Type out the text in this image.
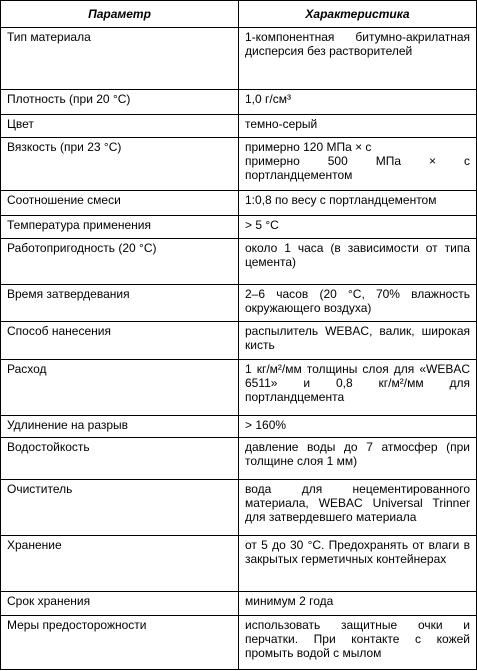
Параметр	Характеристика
Тип материала	1-компонентная битумно-акрилатная дисперсия без растворителей

Плотность (при 20 °С)	1,0 г/см³

Цвет	темно-серый

Вязкость (при 23 °С)	примерно 120 МПа × с
примерно 500 МПа × с портландцементом

Соотношение смеси	1:0,8 по весу с портландцементом

Температура применения	> 5 °С

Работопригодность (20 °С)	около 1 часа (в зависимости от типа цемента)

Время затвердевания	2–6 часов (20 °С, 70% влажность окружающего воздуха)

Способ нанесения	распылитель WEBAC, валик, широкая кисть

Расход	1 кг/м²/мм толщины слоя для «WEBAC 6511» и 0,8 кг/м²/мм для портландцемента

Удлинение на разрыв	> 160%

Водостойкость	давление воды до 7 атмосфер (при толщине слоя 1 мм)

Очиститель	вода для нецементированного материала, WEBAC Universal Trinner для затвердевшего материала

Хранение	от 5 до 30 °С. Предохранять от влаги в закрытых герметичных контейнерах

Срок хранения	минимум 2 года

Меры предосторожности	использовать защитные очки и перчатки. При контакте с кожей промыть водой с мылом
